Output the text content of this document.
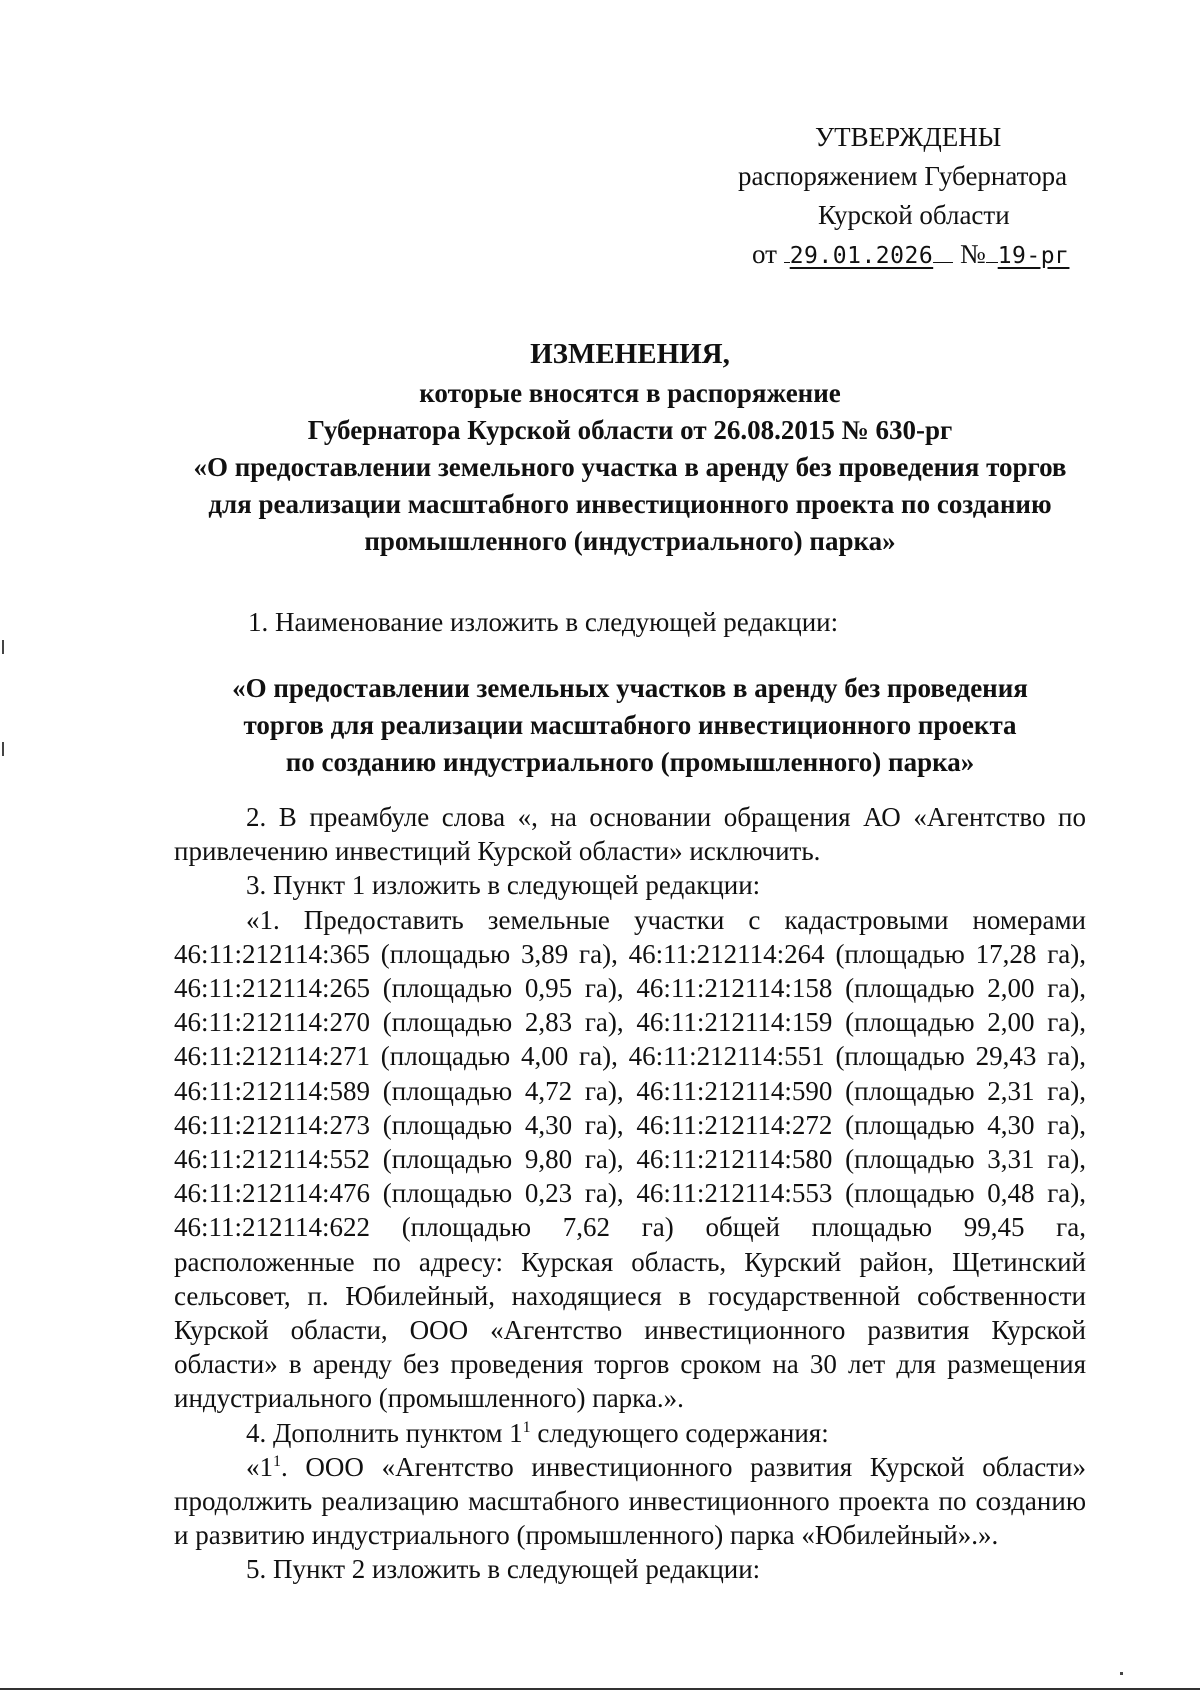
УТВЕРЖДЕНЫ
распоряжением Губернатора
Курской области
от 29.01.2026 № 19-рг
ИЗМЕНЕНИЯ,
которые вносятся в распоряжение
Губернатора Курской области от 26.08.2015 № 630-рг
«О предоставлении земельного участка в аренду без проведения торгов
для реализации масштабного инвестиционного проекта по созданию
промышленного (индустриального) парка»
1. Наименование изложить в следующей редакции:
«О предоставлении земельных участков в аренду без проведения
торгов для реализации масштабного инвестиционного проекта
по созданию индустриального (промышленного) парка»

2. В преамбуле слова «, на основании обращения АО «Агентство по привлечению инвестиций Курской области» исключить.

3. Пункт 1 изложить в следующей редакции:

«1. Предоставить земельные участки с кадастровыми номерами 46:11:212114:365 (площадью 3,89 га), 46:11:212114:264 (площадью 17,28 га), 46:11:212114:265 (площадью 0,95 га), 46:11:212114:158 (площадью 2,00 га), 46:11:212114:270 (площадью 2,83 га), 46:11:212114:159 (площадью 2,00 га), 46:11:212114:271 (площадью 4,00 га), 46:11:212114:551 (площадью 29,43 га), 46:11:212114:589 (площадью 4,72 га), 46:11:212114:590 (площадью 2,31 га), 46:11:212114:273 (площадью 4,30 га), 46:11:212114:272 (площадью 4,30 га), 46:11:212114:552 (площадью 9,80 га), 46:11:212114:580 (площадью 3,31 га), 46:11:212114:476 (площадью 0,23 га), 46:11:212114:553 (площадью 0,48 га), 46:11:212114:622 (площадью 7,62 га) общей площадью 99,45 га, расположенные по адресу: Курская область, Курский район, Щетинский сельсовет, п. Юбилейный, находящиеся в государственной собственности Курской области, ООО «Агентство инвестиционного развития Курской области» в аренду без проведения торгов сроком на 30 лет для размещения индустриального (промышленного) парка.».

4. Дополнить пунктом $1^1$ следующего содержания:

«$1^1$. ООО «Агентство инвестиционного развития Курской области» продолжить реализацию масштабного инвестиционного проекта по созданию и развитию индустриального (промышленного) парка «Юбилейный».».

5. Пункт 2 изложить в следующей редакции:
